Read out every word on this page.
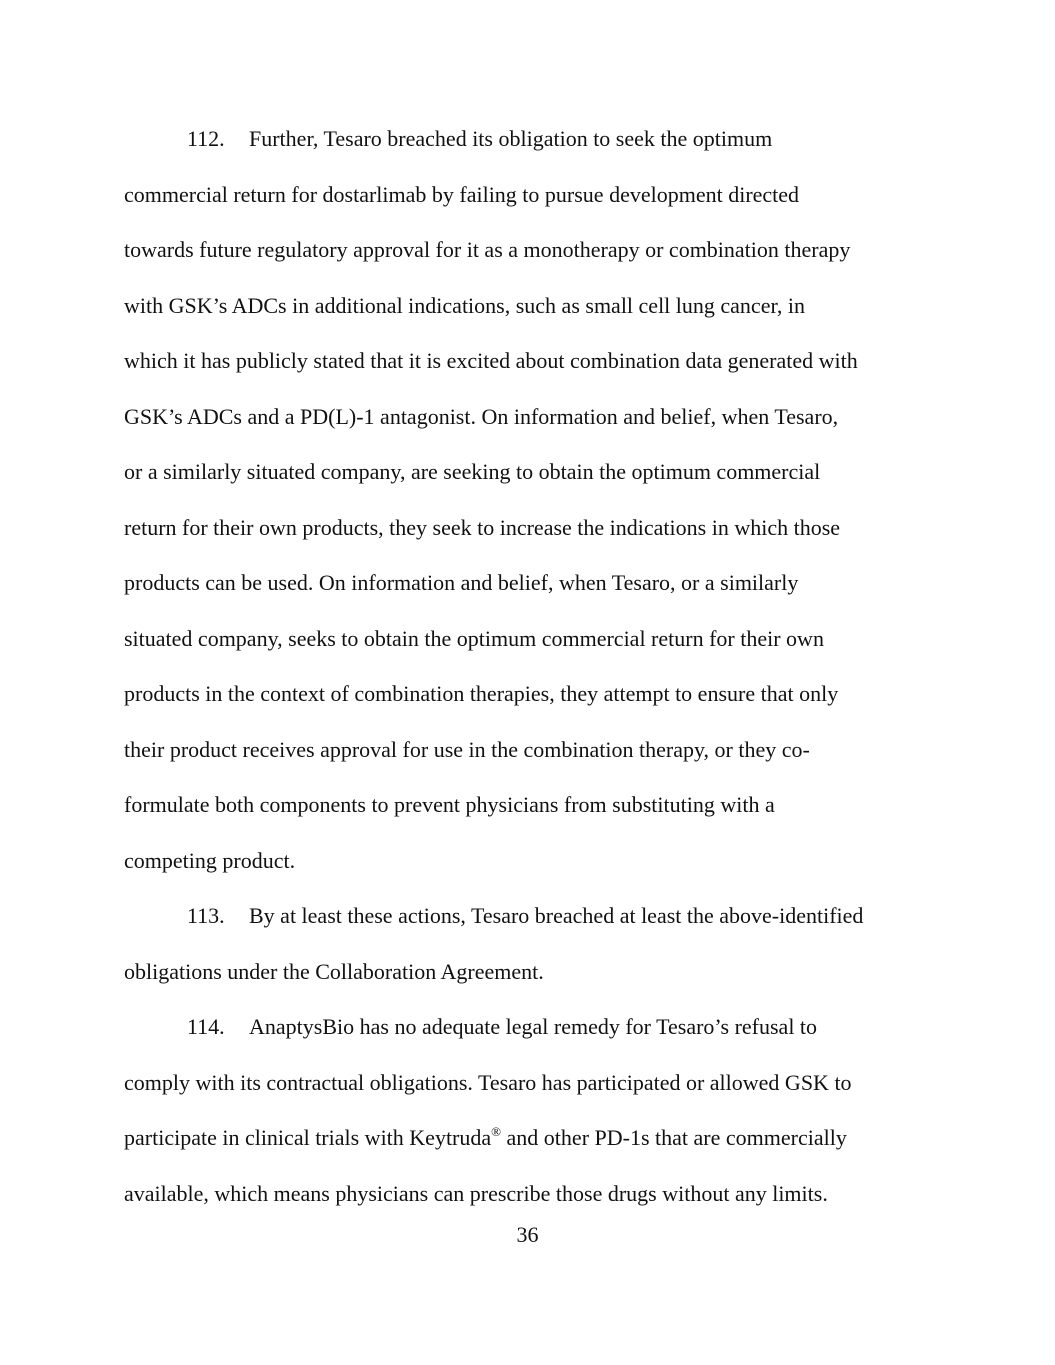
112. Further, Tesaro breached its obligation to seek the optimum
commercial return for dostarlimab by failing to pursue development directed
towards future regulatory approval for it as a monotherapy or combination therapy
with GSK’s ADCs in additional indications, such as small cell lung cancer, in
which it has publicly stated that it is excited about combination data generated with
GSK’s ADCs and a PD(L)-1 antagonist. On information and belief, when Tesaro,
or a similarly situated company, are seeking to obtain the optimum commercial
return for their own products, they seek to increase the indications in which those
products can be used. On information and belief, when Tesaro, or a similarly
situated company, seeks to obtain the optimum commercial return for their own
products in the context of combination therapies, they attempt to ensure that only
their product receives approval for use in the combination therapy, or they co-
formulate both components to prevent physicians from substituting with a
competing product.
113. By at least these actions, Tesaro breached at least the above-identified
obligations under the Collaboration Agreement.
114. AnaptysBio has no adequate legal remedy for Tesaro’s refusal to
comply with its contractual obligations. Tesaro has participated or allowed GSK to
participate in clinical trials with Keytruda® and other PD-1s that are commercially
available, which means physicians can prescribe those drugs without any limits.
36
